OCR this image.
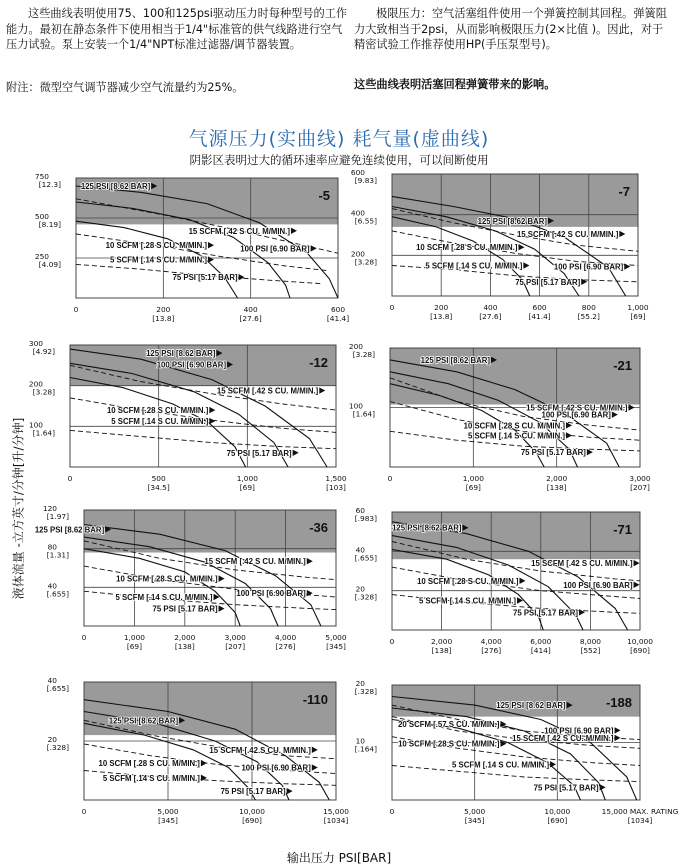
这些曲线表明使用75、100和125psi驱动压力时每种型号的工作能力。最初在静态条件下使用相当于1/4"标准管的供气线路进行空气压力试验。泵上安装一个1/4"NPT标准过滤器/调节器装置。
附注：微型空气调节器减少空气流量约为25%。
极限压力：空气活塞组件使用一个弹簧控制其回程。弹簧阻力大致相当于2psi，从而影响极限压力(2×比值 )。因此，对于精密试验工作推荐使用HP(手压泵型号)。
这些曲线表明活塞回程弹簧带来的影响。
气源压力(实曲线) 耗气量(虚曲线)
阴影区表明过大的循环速率应避免连续使用，可以间断使用
液体流量 -立方英寸/分钟[升/分钟]
输出压力 PSI[BAR]
125 PSI [8.62 BAR]
15 SCFM [.42 S CU. M/MIN.]
10 SCFM [.28 S CU. M/MIN.]	100 PSI [6.90 BAR]
5 SCFM [.14 S CU. M/MIN.]
75 PSI [5.17 BAR]
-5
0	200
[13.8]
400
[27.6]
600
[41.4]
250
[4.09]
500
[8.19]
750
[12.3]
125 PSI [8.62 BAR]
15 SCFM [.42 S CU. M/MIN.]
10 SCFM [.28 S CU. M/MIN.]
5 SCFM [.14 S CU. M/MIN.]	100 PSI [6.90 BAR]
75 PSI [5.17 BAR]
-7
0	200
[13.8]
400
[27.6]
600
[41.4]
800
[55.2]
1,000
[69]
200
[3.28]
400
[6.55]
600
[9.83]
125 PSI [8.62 BAR]
100 PSI [6.90 BAR]
15 SCFM [.42 S CU. M/MIN.]
10 SCFM [.28 S CU. M/MIN.]
5 SCFM [.14 S CU. M/MIN.]
75 PSI [5.17 BAR]
-12
0	500
[34.5]
1,000
[69]
1,500
[103]
100
[1.64]
200
[3.28]
300
[4.92]
125 PSI [8.62 BAR]
15 SCFM [.42 S CU. M/MIN.]
100 PSI [6.90 BAR]
10 SCFM [.28 S CU. M/MIN.]
5 SCFM [.14 S CU. M/MIN.]
75 PSI [5.17 BAR]
-21
0	1,000
[69]
2,000
[138]
3,000
[207]
100
[1.64]
200
[3.28]
125 PSI [8.62 BAR]
15 SCFM [.42 S CU. M/MIN.]
10 SCFM [.28 S CU. M/MIN.]
100 PSI [6.90 BAR]
5 SCFM [.14 S CU. M/MIN.]
75 PSI [5.17 BAR]
-36
0	1,000
[69]
2,000
[138]
3,000
[207]
4,000
[276]
5,000
[345]
40
[.655]
80
[1.31]
120
[1.97]
125 PSI [8.62 BAR]
15 SCFM [.42 S CU. M/MIN.]
10 SCFM [.28 S CU. M/MIN.]	100 PSI [6.90 BAR]
5 SCFM [.14 S CU. M/MIN.]
75 PSI [5.17 BAR]
-71
0	2,000
[138]
4,000
[276]
6,000
[414]
8,000
[552]
10,000
[690]
20
[.328]
40
[.655]
60
[.983]
125 PSI [8.62 BAR]
15 SCFM [.42 S CU. M/MIN.]
10 SCFM [.28 S CU. M/MIN.]	100 PSI [6.90 BAR]
5 SCFM [.14 S CU. M/MIN.]
75 PSI [5.17 BAR]
-110
0	5,000
[345]
10,000
[690]
15,000
[1034]
20
[.328]
40
[.655]
125 PSI [8.62 BAR]
20 SCFM [.57 S CU. M/MIN.]
100 PSI [6.90 BAR]
15 SCFM [.42 S CU. M/MIN.]
10 SCFM [.28 S CU. M/MIN.]
5 SCFM [.14 S CU. M/MIN.]
75 PSI [5.17 BAR]
-188
0	5,000
[345]
10,000
[690]
15,000 MAX. RATING
[1034]
10
[.164]
20
[.328]
